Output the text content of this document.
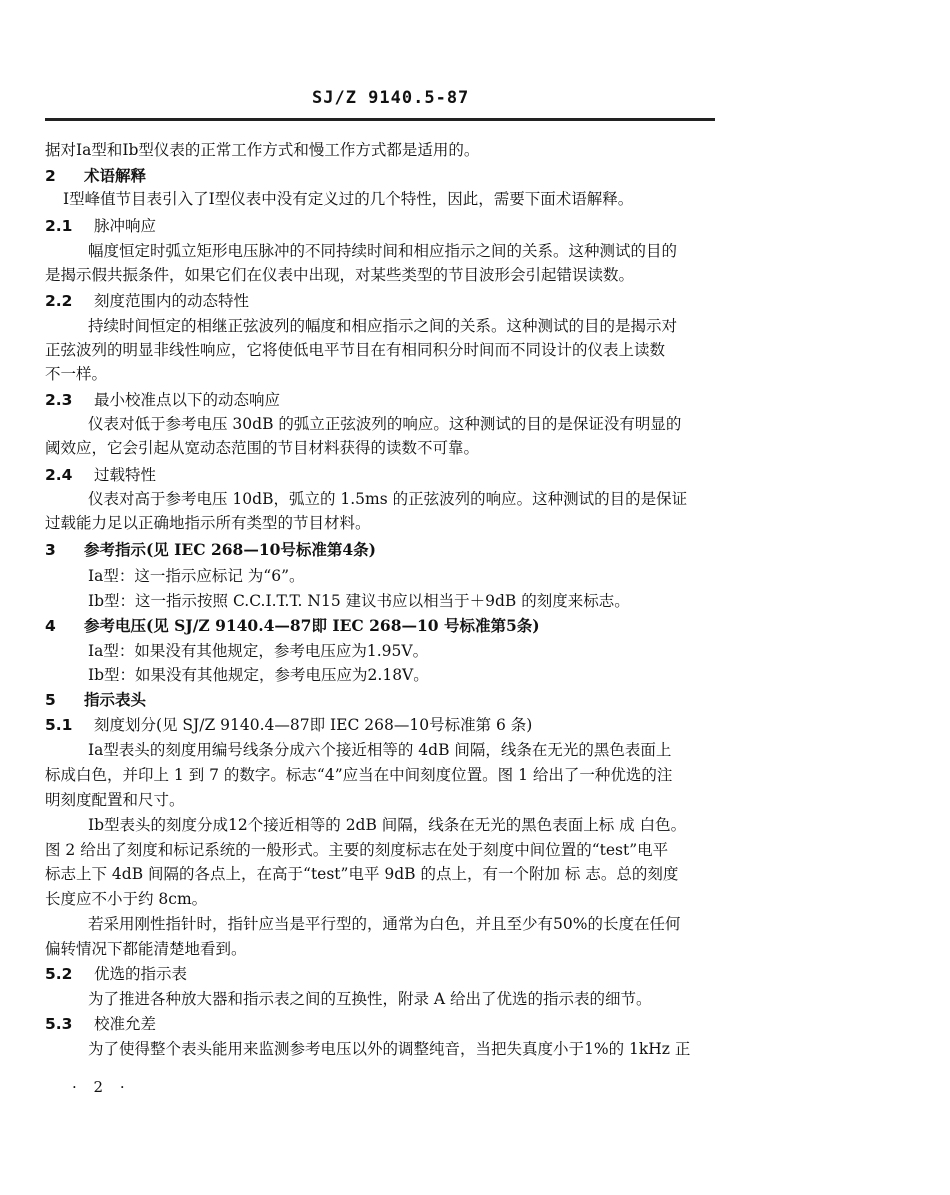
SJ/Z 9140.5-87
据对Ⅰa型和Ⅰb型仪表的正常工作方式和慢工作方式都是适用的。
2 术语解释
Ⅰ型峰值节目表引入了Ⅰ型仪表中没有定义过的几个特性，因此，需要下面术语解释。
2.1 脉冲响应
幅度恒定时弧立矩形电压脉冲的不同持续时间和相应指示之间的关系。这种测试的目的
是揭示假共振条件，如果它们在仪表中出现，对某些类型的节目波形会引起错误读数。
2.2 刻度范围内的动态特性
持续时间恒定的相继正弦波列的幅度和相应指示之间的关系。这种测试的目的是揭示对
正弦波列的明显非线性响应，它将使低电平节目在有相同积分时间而不同设计的仪表上读数
不一样。
2.3 最小校准点以下的动态响应
仪表对低于参考电压 30dB 的弧立正弦波列的响应。这种测试的目的是保证没有明显的
阈效应，它会引起从宽动态范围的节目材料获得的读数不可靠。
2.4 过载特性
仪表对高于参考电压 10dB，弧立的 1.5ms 的正弦波列的响应。这种测试的目的是保证
过载能力足以正确地指示所有类型的节目材料。
3 参考指示(见 IEC 268—10号标准第4条)
Ⅰa型：这一指示应标记 为“6”。
Ⅰb型：这一指示按照 C.C.I.T.T. N15 建议书应以相当于＋9dB 的刻度来标志。
4 参考电压(见 SJ/Z 9140.4—87即 IEC 268—10 号标准第5条)
Ⅰa型：如果没有其他规定，参考电压应为1.95V。
Ⅰb型：如果没有其他规定，参考电压应为2.18V。
5 指示表头
5.1 刻度划分(见 SJ/Z 9140.4—87即 IEC 268—10号标准第 6 条)
Ⅰa型表头的刻度用编号线条分成六个接近相等的 4dB 间隔，线条在无光的黑色表面上
标成白色，并印上 1 到 7 的数字。标志“4”应当在中间刻度位置。图 1 给出了一种优选的注
明刻度配置和尺寸。
Ⅰb型表头的刻度分成12个接近相等的 2dB 间隔，线条在无光的黑色表面上标 成 白色。
图 2 给出了刻度和标记系统的一般形式。主要的刻度标志在处于刻度中间位置的“test”电平
标志上下 4dB 间隔的各点上，在高于“test”电平 9dB 的点上，有一个附加 标 志。总的刻度
长度应不小于约 8cm。
若采用刚性指针时，指针应当是平行型的，通常为白色，并且至少有50%的长度在任何
偏转情况下都能清楚地看到。
5.2 优选的指示表
为了推进各种放大器和指示表之间的互换性，附录 A 给出了优选的指示表的细节。
5.3 校准允差
为了使得整个表头能用来监测参考电压以外的调整纯音，当把失真度小于1%的 1kHz 正
· 2 ·
